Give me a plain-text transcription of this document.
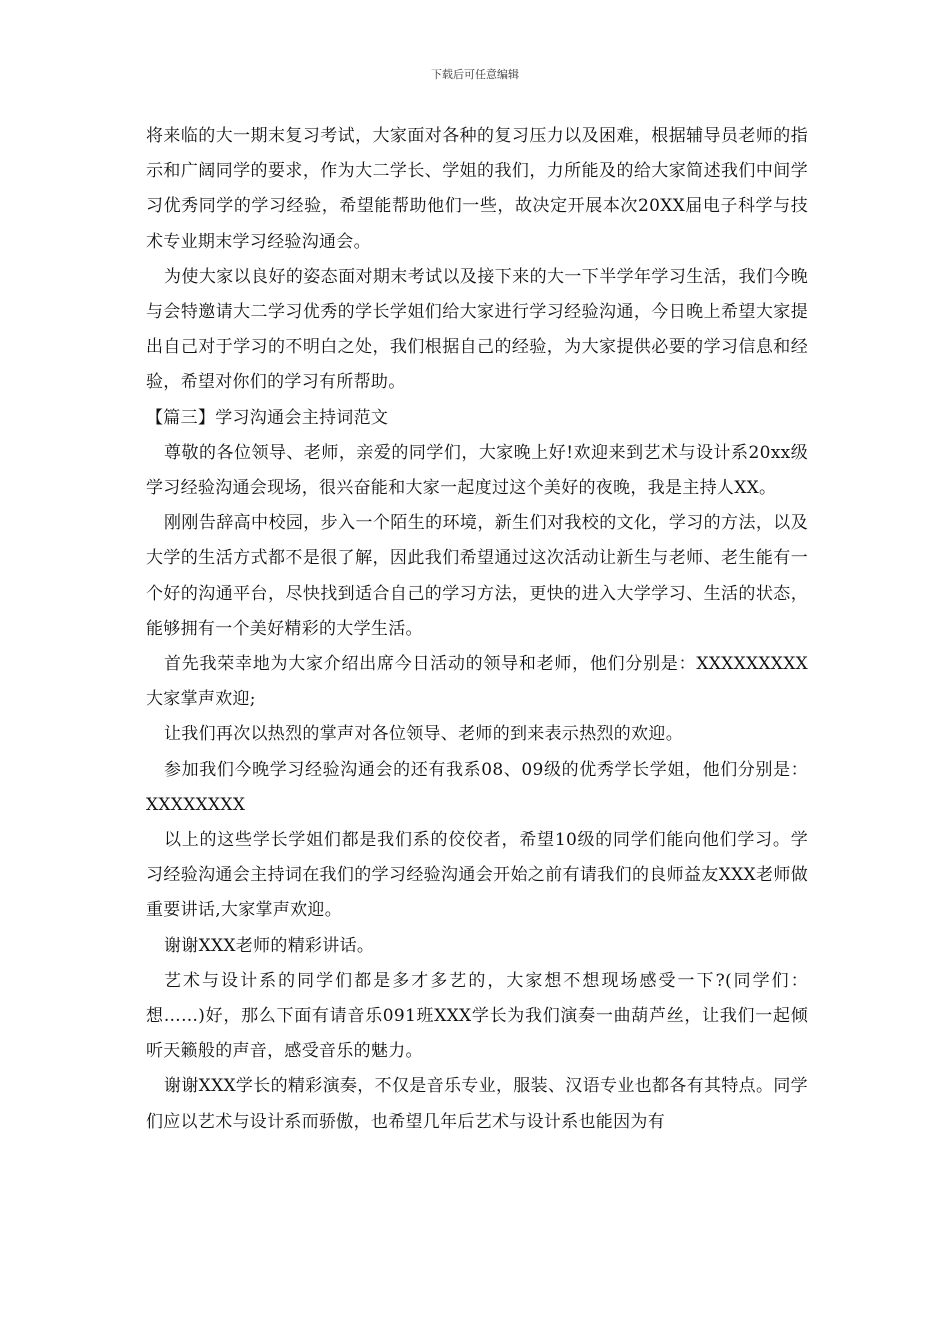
下载后可任意编辑

将来临的大一期末复习考试，大家面对各种的复习压力以及困难，根据辅导员老师的指示和广阔同学的要求，作为大二学长、学姐的我们，力所能及的给大家简述我们中间学习优秀同学的学习经验，希望能帮助他们一些，故决定开展本次20XX届电子科学与技术专业期末学习经验沟通会。

为使大家以良好的姿态面对期末考试以及接下来的大一下半学年学习生活，我们今晚与会特邀请大二学习优秀的学长学姐们给大家进行学习经验沟通，今日晚上希望大家提出自己对于学习的不明白之处，我们根据自己的经验，为大家提供必要的学习信息和经验，希望对你们的学习有所帮助。

【篇三】学习沟通会主持词范文

尊敬的各位领导、老师，亲爱的同学们，大家晚上好!欢迎来到艺术与设计系20xx级学习经验沟通会现场，很兴奋能和大家一起度过这个美好的夜晚，我是主持人XX。

刚刚告辞高中校园，步入一个陌生的环境，新生们对我校的文化，学习的方法，以及大学的生活方式都不是很了解，因此我们希望通过这次活动让新生与老师、老生能有一个好的沟通平台，尽快找到适合自己的学习方法，更快的进入大学学习、生活的状态，能够拥有一个美好精彩的大学生活。

首先我荣幸地为大家介绍出席今日活动的领导和老师，他们分别是：XXXXXXXXX大家掌声欢迎;

让我们再次以热烈的掌声对各位领导、老师的到来表示热烈的欢迎。

参加我们今晚学习经验沟通会的还有我系08、09级的优秀学长学姐，他们分别是：XXXXXXXX

以上的这些学长学姐们都是我们系的佼佼者，希望10级的同学们能向他们学习。学习经验沟通会主持词在我们的学习经验沟通会开始之前有请我们的良师益友XXX老师做重要讲话,大家掌声欢迎。

谢谢XXX老师的精彩讲话。

艺术与设计系的同学们都是多才多艺的，大家想不想现场感受一下?(同学们：想……)好，那么下面有请音乐091班XXX学长为我们演奏一曲葫芦丝，让我们一起倾听天籁般的声音，感受音乐的魅力。

谢谢XXX学长的精彩演奏，不仅是音乐专业，服装、汉语专业也都各有其特点。同学们应以艺术与设计系而骄傲，也希望几年后艺术与设计系也能因为有
